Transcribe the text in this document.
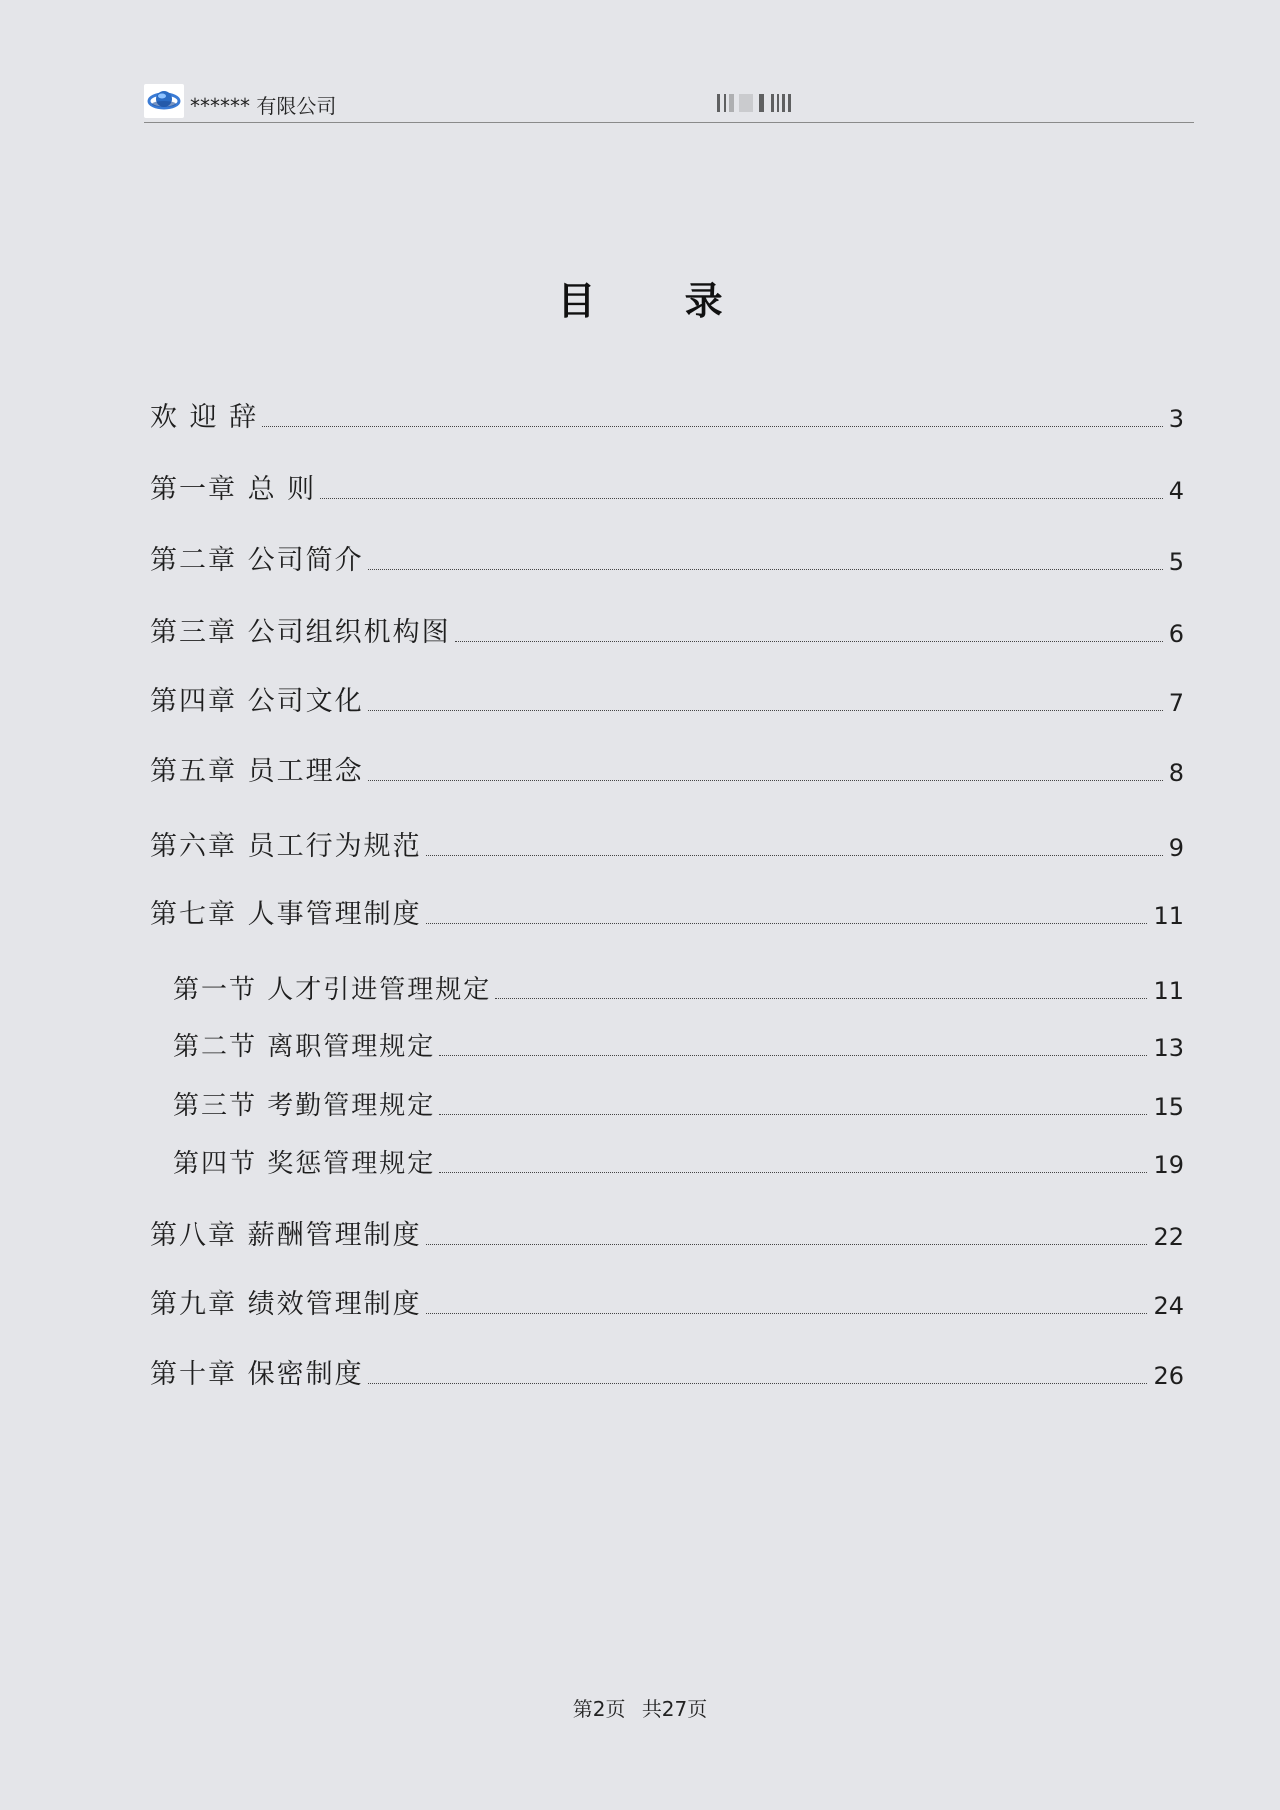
****** 有限公司
目 录
欢 迎 辞	3
第一章 总 则	4
第二章 公司简介	5
第三章 公司组织机构图	6
第四章 公司文化	7
第五章 员工理念	8
第六章 员工行为规范	9
第七章 人事管理制度	11
第一节 人才引进管理规定	11
第二节 离职管理规定	13
第三节 考勤管理规定	15
第四节 奖惩管理规定	19
第八章 薪酬管理制度	22
第九章 绩效管理制度	24
第十章 保密制度	26
第2页 共27页
